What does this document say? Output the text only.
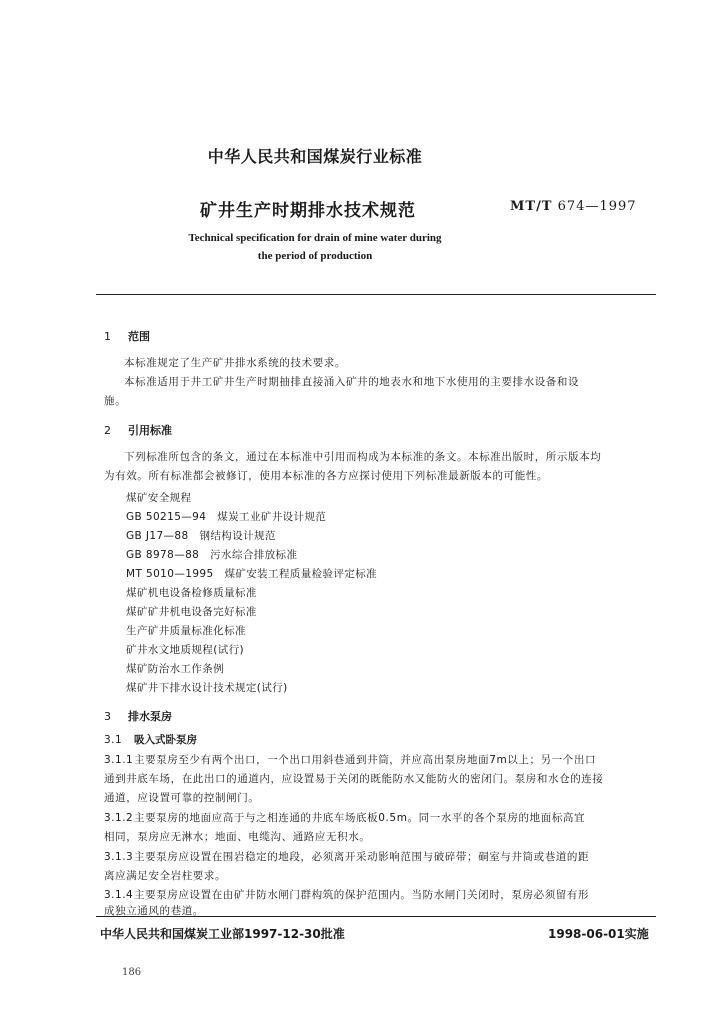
中华人民共和国煤炭行业标准
矿井生产时期排水技术规范	MT/T 674—1997
Technical specification for drain of mine water during
the period of production
1 范围
本标准规定了生产矿井排水系统的技术要求。
本标准适用于井工矿井生产时期抽排直接涌入矿井的地表水和地下水使用的主要排水设备和设
施。
2 引用标准
下列标准所包含的条文，通过在本标准中引用而构成为本标准的条文。本标准出版时，所示版本均
为有效。所有标准都会被修订，使用本标准的各方应探讨使用下列标准最新版本的可能性。
煤矿安全规程
GB 50215—94　煤炭工业矿井设计规范
GB J17—88　钢结构设计规范
GB 8978—88　污水综合排放标准
MT 5010—1995　煤矿安装工程质量检验评定标准
煤矿机电设备检修质量标准
煤矿矿井机电设备完好标准
生产矿井质量标准化标准
矿井水文地质规程(试行)
煤矿防治水工作条例
煤矿井下排水设计技术规定(试行)
3 排水泵房
3.1 吸入式卧泵房
3.1.1主要泵房至少有两个出口，一个出口用斜巷通到井筒，并应高出泵房地面7m以上；另一个出口
通到井底车场，在此出口的通道内，应设置易于关闭的既能防水又能防火的密闭门。泵房和水仓的连接
通道，应设置可靠的控制闸门。
3.1.2主要泵房的地面应高于与之相连通的井底车场底板0.5m。同一水平的各个泵房的地面标高宜
相同，泵房应无淋水；地面、电缆沟、通路应无积水。
3.1.3主要泵房应设置在围岩稳定的地段，必须离开采动影响范围与破碎带；硐室与井筒或巷道的距
离应满足安全岩柱要求。
3.1.4主要泵房应设置在由矿井防水闸门群构筑的保护范围内。当防水闸门关闭时，泵房必须留有形
成独立通风的巷道。
中华人民共和国煤炭工业部1997-12-30批准	1998-06-01实施
186
